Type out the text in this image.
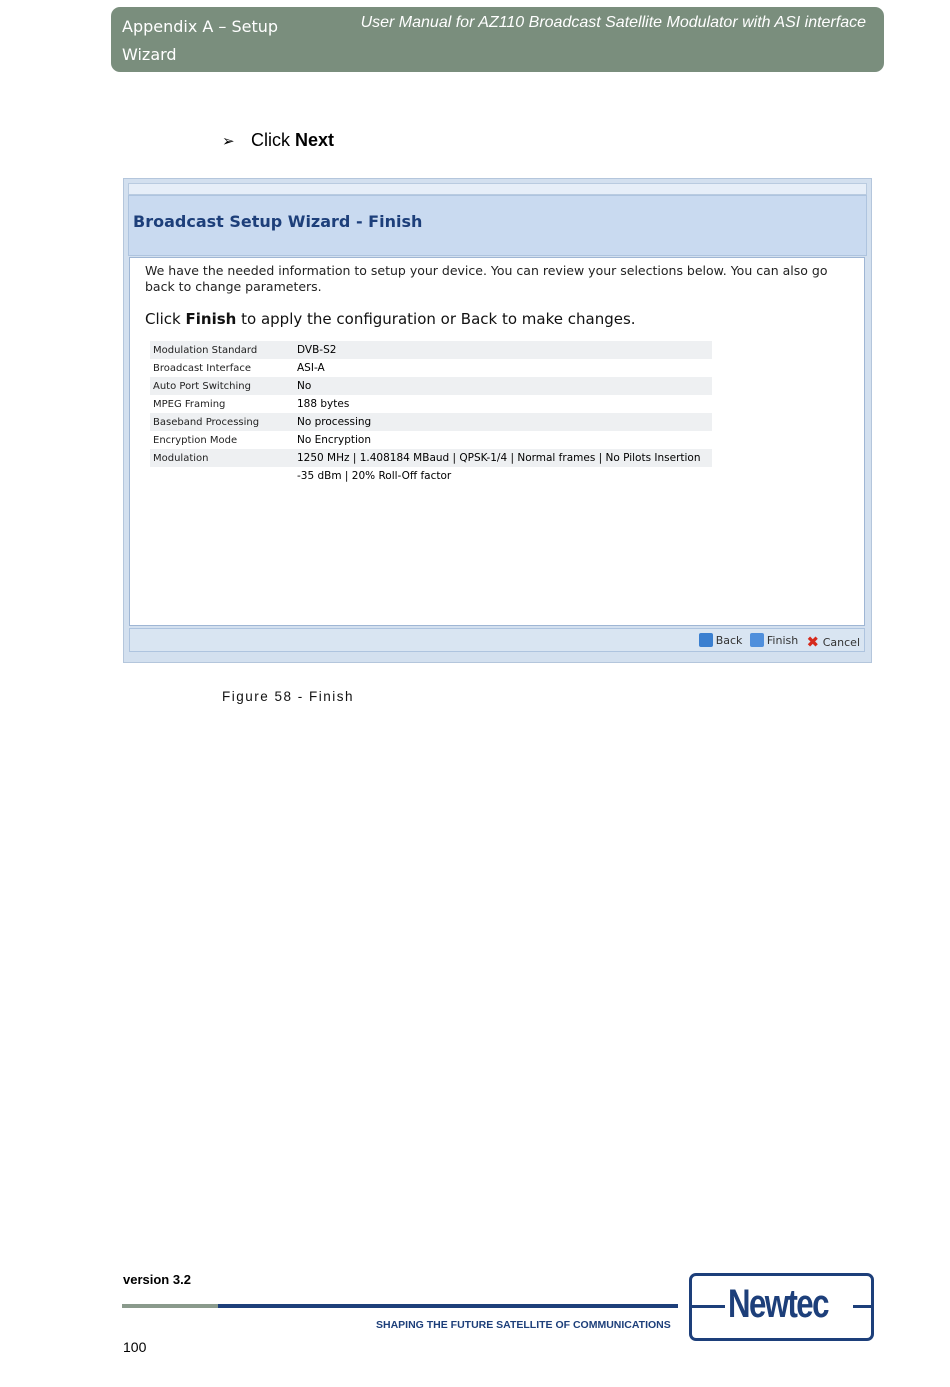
Appendix A – Setup Wizard
User Manual for AZ110 Broadcast Satellite Modulator with ASI interface
➢ Click Next
Broadcast Setup Wizard - Finish
We have the needed information to setup your device. You can review your selections below. You can also go back to change parameters.
Click Finish to apply the configuration or Back to make changes.
Modulation Standard	DVB-S2
Broadcast Interface	ASI-A
Auto Port Switching	No
MPEG Framing	188 bytes
Baseband Processing	No processing
Encryption Mode	No Encryption
Modulation	1250 MHz | 1.408184 MBaud | QPSK-1/4 | Normal frames | No Pilots Insertion
	-35 dBm | 20% Roll-Off factor
Back
Finish
✖ Cancel
Figure 58 - Finish
version 3.2
SHAPING THE FUTURE SATELLITE OF COMMUNICATIONS
100
Newtec
